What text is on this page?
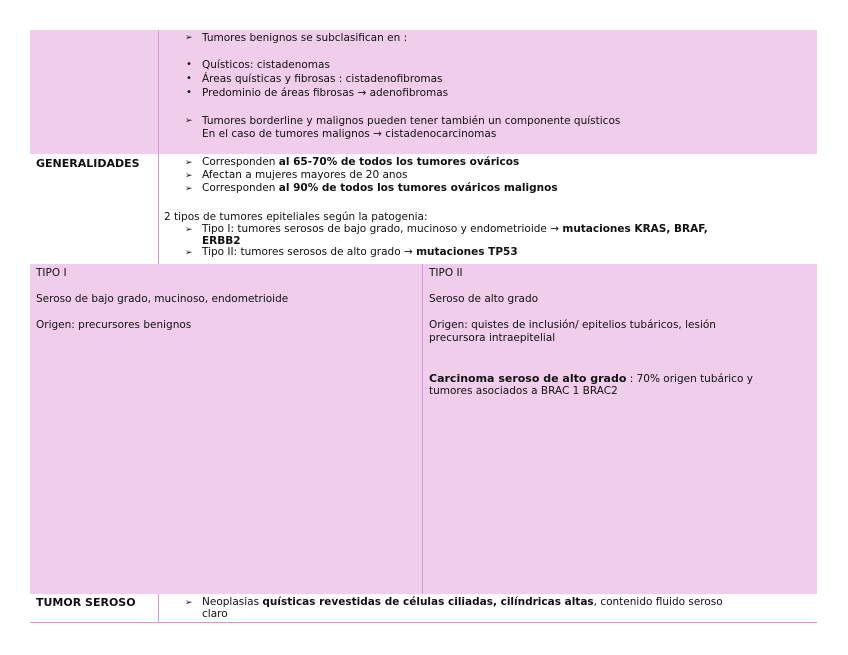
➢ Tumores benignos se subclasifican en :
• Quísticos: cistadenomas
• Áreas quísticas y fibrosas : cistadenofibromas
• Predominio de áreas fibrosas → adenofibromas
➢ Tumores borderline y malignos pueden tener también un componente quísticos
En el caso de tumores malignos → cistadenocarcinomas
GENERALIDADES	➢ Corresponden al 65-70% de todos los tumores ováricos
➢ Afectan a mujeres mayores de 20 anos
➢ Corresponden al 90% de todos los tumores ováricos malignos
2 tipos de tumores epiteliales según la patogenia:
➢ Tipo I: tumores serosos de bajo grado, mucinoso y endometrioide → mutaciones KRAS, BRAF,
ERBB2
➢ Tipo II: tumores serosos de alto grado → mutaciones TP53
TIPO I
Seroso de bajo grado, mucinoso, endometrioide
Origen: precursores benignos
TIPO II
Seroso de alto grado
Origen: quistes de inclusión/ epitelios tubáricos, lesión
precursora intraepitelial
Carcinoma seroso de alto grado : 70% origen tubárico y
tumores asociados a BRAC 1 BRAC2
TUMOR SEROSO	➢ Neoplasias quísticas revestidas de células ciliadas, cilíndricas altas, contenido fluido seroso
claro
